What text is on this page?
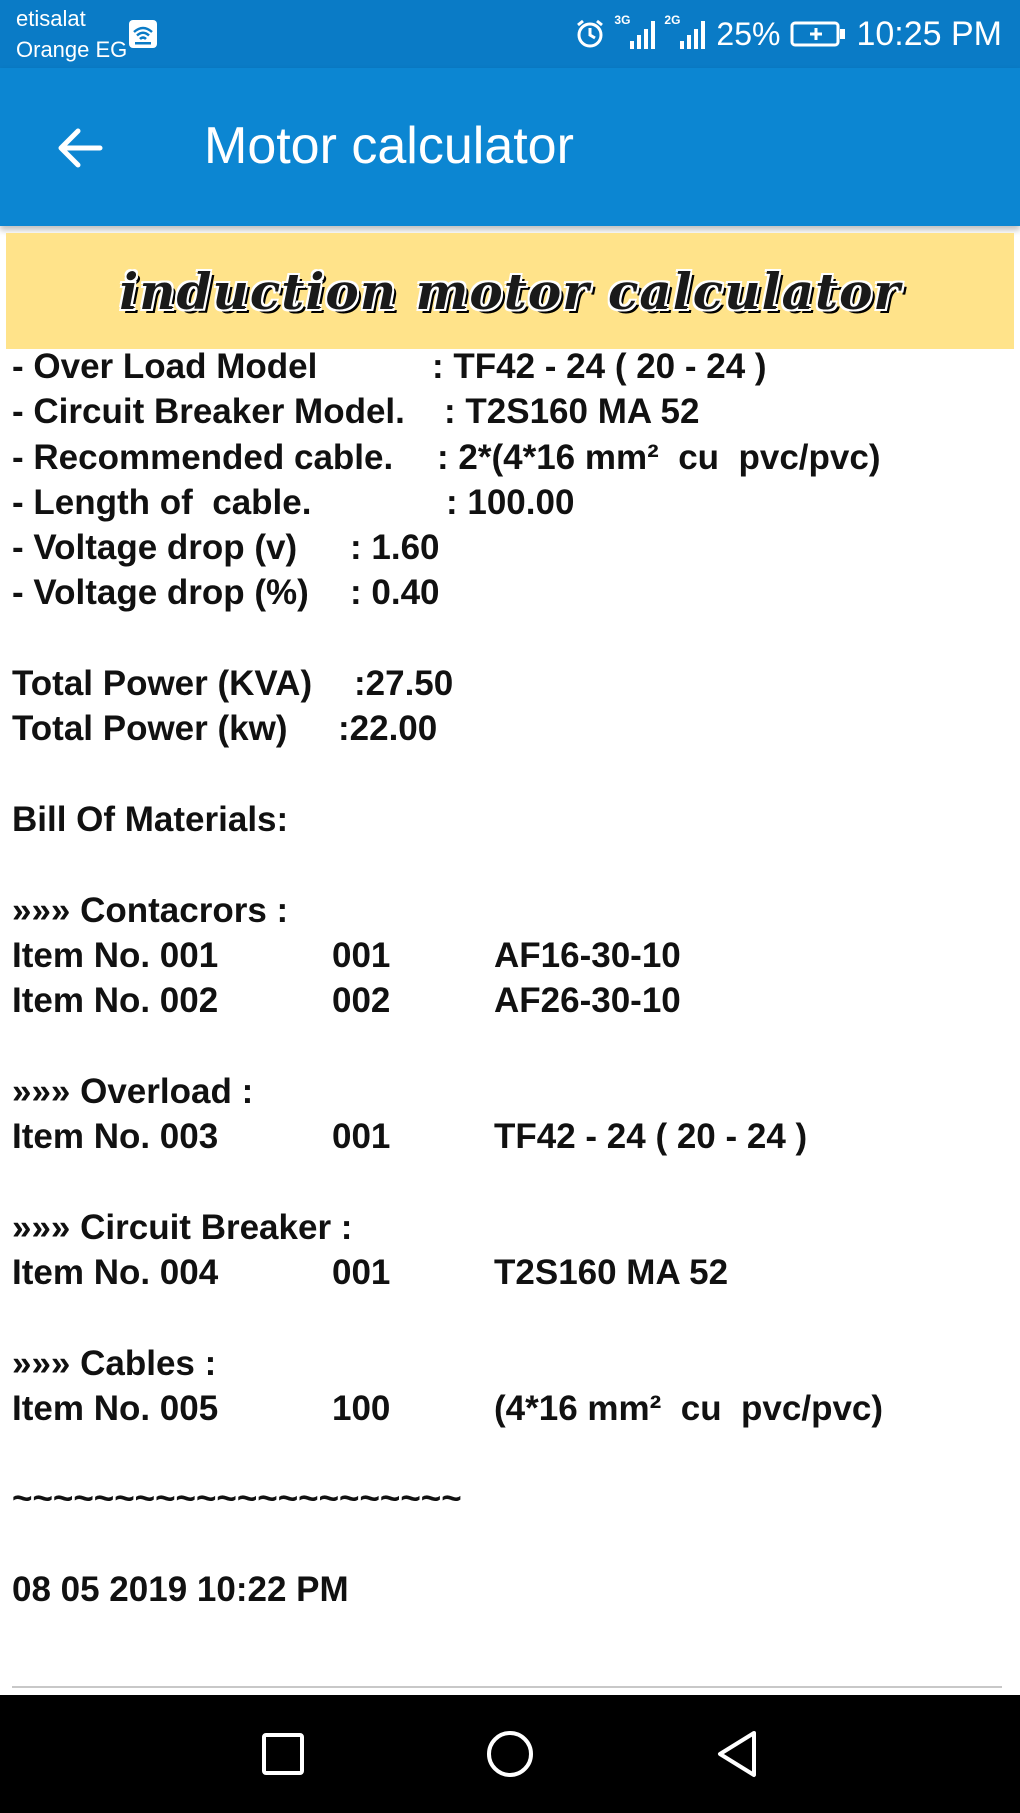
etisalat
Orange EG
3G	2G 25% 10:25 PM
Motor calculator
induction motor calculator
- Over Load Model	: TF42 - 24 ( 20 - 24 )
- Circuit Breaker Model. : T2S160 MA 52
- Recommended cable. : 2*(4*16 mm²  cu  pvc/pvc)
- Length of  cable.	: 100.00
- Voltage drop (v) : 1.60
- Voltage drop (%) : 0.40
Total Power (KVA) :27.50
Total Power (kw) :22.00
Bill Of Materials:
»»» Contacrors :
Item No. 001	001	AF16-30-10
Item No. 002	002	AF26-30-10
»»» Overload :
Item No. 003	001	TF42 - 24 ( 20 - 24 )
»»» Circuit Breaker :
Item No. 004	001	T2S160 MA 52
»»» Cables :
Item No. 005	100	(4*16 mm²  cu  pvc/pvc)
~~~~~~~~~~~~~~~~~~~~~~
08 05 2019 10:22 PM
